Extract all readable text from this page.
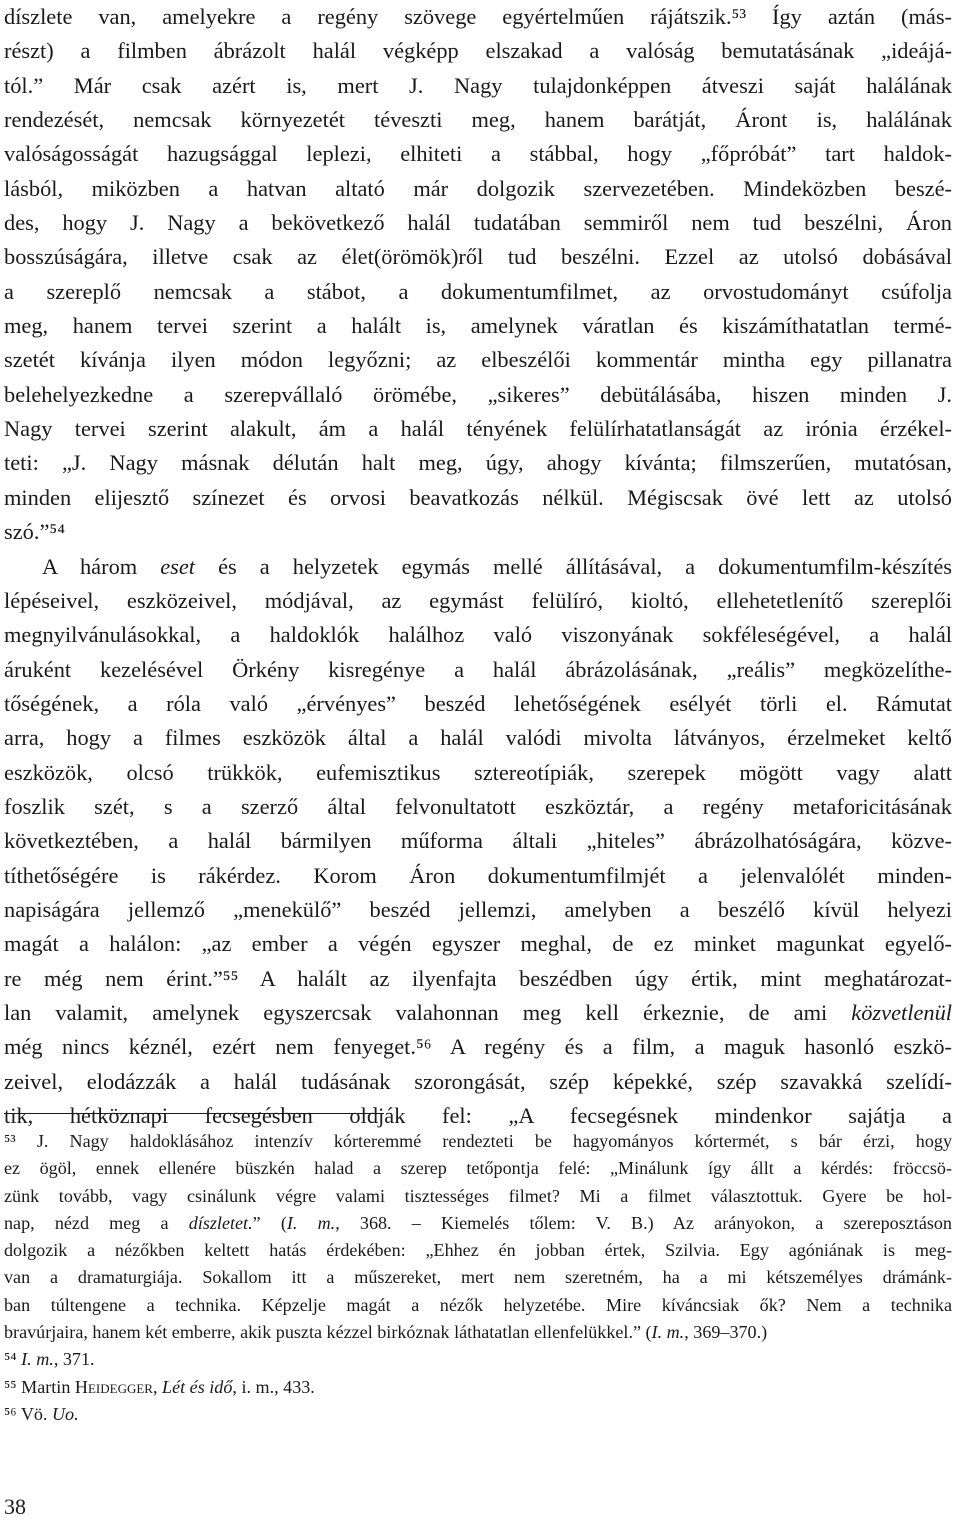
díszlete van, amelyekre a regény szövege egyértelműen rájátszik.⁵³ Így aztán (más-
részt) a filmben ábrázolt halál végképp elszakad a valóság bemutatásának „ideájá-
tól.” Már csak azért is, mert J. Nagy tulajdonképpen átveszi saját halálának
rendezését, nemcsak környezetét téveszti meg, hanem barátját, Áront is, halálának
valóságosságát hazugsággal leplezi, elhiteti a stábbal, hogy „főpróbát” tart haldok-
lásból, miközben a hatvan altató már dolgozik szervezetében. Mindeközben beszé-
des, hogy J. Nagy a bekövetkező halál tudatában semmiről nem tud beszélni, Áron
bosszúságára, illetve csak az élet(örömök)ről tud beszélni. Ezzel az utolsó dobásával
a szereplő nemcsak a stábot, a dokumentumfilmet, az orvostudományt csúfolja
meg, hanem tervei szerint a halált is, amelynek váratlan és kiszámíthatatlan termé-
szetét kívánja ilyen módon legyőzni; az elbeszélői kommentár mintha egy pillanatra
belehelyezkedne a szerepvállaló örömébe, „sikeres” debütálásába, hiszen minden J.
Nagy tervei szerint alakult, ám a halál tényének felülírhatatlanságát az irónia érzékel-
teti: „J. Nagy másnak délután halt meg, úgy, ahogy kívánta; filmszerűen, mutatósan,
minden elijesztő színezet és orvosi beavatkozás nélkül. Mégiscsak övé lett az utolsó
szó.”⁵⁴
A három eset és a helyzetek egymás mellé állításával, a dokumentumfilm-készítés
lépéseivel, eszközeivel, módjával, az egymást felülíró, kioltó, ellehetetlenítő szereplői
megnyilvánulásokkal, a haldoklók halálhoz való viszonyának sokféleségével, a halál
áruként kezelésével Örkény kisregénye a halál ábrázolásának, „reális” megközelíthe-
tőségének, a róla való „érvényes” beszéd lehetőségének esélyét törli el. Rámutat
arra, hogy a filmes eszközök által a halál valódi mivolta látványos, érzelmeket keltő
eszközök, olcsó trükkök, eufemisztikus sztereotípiák, szerepek mögött vagy alatt
foszlik szét, s a szerző által felvonultatott eszköztár, a regény metaforicitásának
következtében, a halál bármilyen műforma általi „hiteles” ábrázolhatóságára, közve-
títhetőségére is rákérdez. Korom Áron dokumentumfilmjét a jelenvalólét minden-
napiságára jellemző „menekülő” beszéd jellemzi, amelyben a beszélő kívül helyezi
magát a halálon: „az ember a végén egyszer meghal, de ez minket magunkat egyelő-
re még nem érint.”⁵⁵ A halált az ilyenfajta beszédben úgy értik, mint meghatározat-
lan valamit, amelynek egyszercsak valahonnan meg kell érkeznie, de ami közvetlenül
még nincs kéznél, ezért nem fenyeget.⁵⁶ A regény és a film, a maguk hasonló eszkö-
zeivel, elodázzák a halál tudásának szorongását, szép képekké, szép szavakká szelídí-
tik, hétköznapi fecsegésben oldják fel: „A fecsegésnek mindenkor sajátja a
⁵³ J. Nagy haldoklásához intenzív kórteremmé rendezteti be hagyományos kórtermét, s bár érzi, hogy
ez ögöl, ennek ellenére büszkén halad a szerep tetőpontja felé: „Minálunk így állt a kérdés: fröccsö-
zünk tovább, vagy csinálunk végre valami tisztességes filmet? Mi a filmet választottuk. Gyere be hol-
nap, nézd meg a díszletet.” (I. m., 368. – Kiemelés tőlem: V. B.) Az arányokon, a szereposztáson
dolgozik a nézőkben keltett hatás érdekében: „Ehhez én jobban értek, Szilvia. Egy agóniának is meg-
van a dramaturgiája. Sokallom itt a műszereket, mert nem szeretném, ha a mi kétszemélyes drámánk-
ban túltengene a technika. Képzelje magát a nézők helyzetébe. Mire kíváncsiak ők? Nem a technika
bravúrjaira, hanem két emberre, akik puszta kézzel birkóznak láthatatlan ellenfelükkel.” (I. m., 369–370.)
⁵⁴ I. m., 371.
⁵⁵ Martin Heidegger, Lét és idő, i. m., 433.
⁵⁶ Vö. Uo.
38
